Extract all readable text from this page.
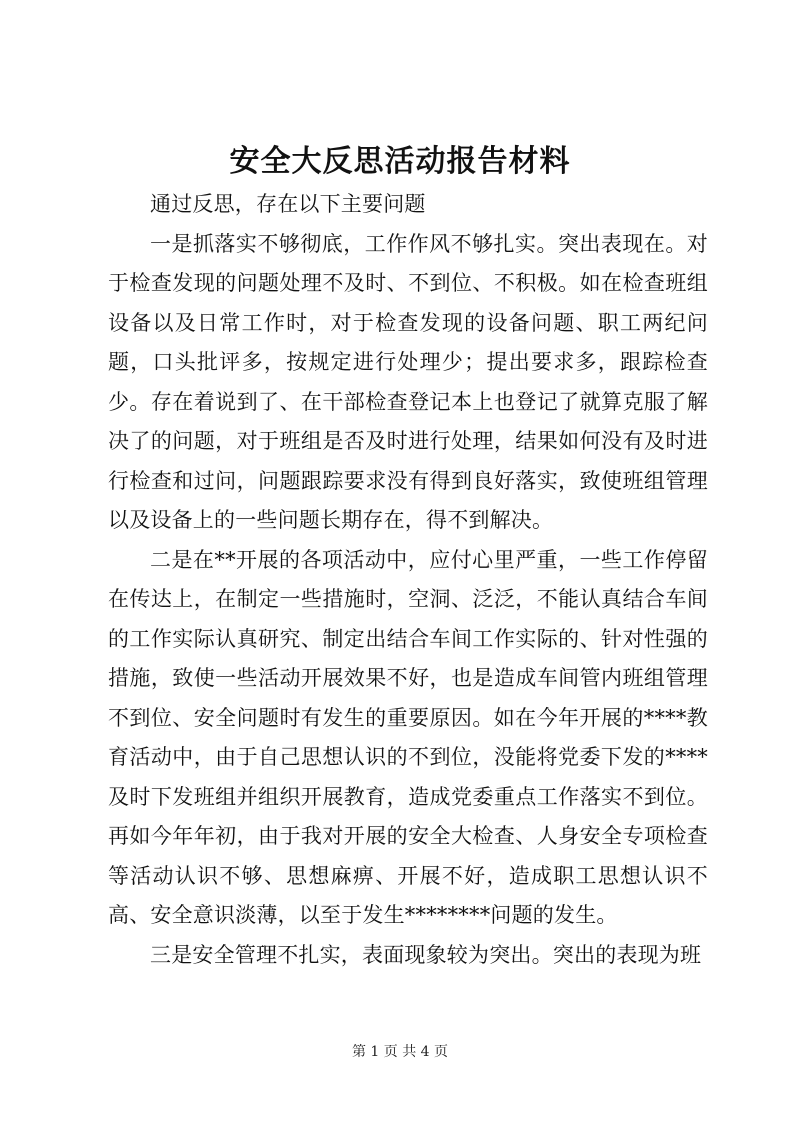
安全大反思活动报告材料

通过反思，存在以下主要问题

一是抓落实不够彻底，工作作风不够扎实。突出表现在。对于检查发现的问题处理不及时、不到位、不积极。如在检查班组设备以及日常工作时，对于检查发现的设备问题、职工两纪问题，口头批评多，按规定进行处理少；提出要求多，跟踪检查少。存在着说到了、在干部检查登记本上也登记了就算克服了解决了的问题，对于班组是否及时进行处理，结果如何没有及时进行检查和过问，问题跟踪要求没有得到良好落实，致使班组管理以及设备上的一些问题长期存在，得不到解决。

二是在**开展的各项活动中，应付心里严重，一些工作停留在传达上，在制定一些措施时，空洞、泛泛，不能认真结合车间的工作实际认真研究、制定出结合车间工作实际的、针对性强的措施，致使一些活动开展效果不好，也是造成车间管内班组管理不到位、安全问题时有发生的重要原因。如在今年开展的****教育活动中，由于自己思想认识的不到位，没能将党委下发的****及时下发班组并组织开展教育，造成党委重点工作落实不到位。再如今年年初，由于我对开展的安全大检查、人身安全专项检查等活动认识不够、思想麻痹、开展不好，造成职工思想认识不高、安全意识淡薄，以至于发生********问题的发生。

三是安全管理不扎实，表面现象较为突出。突出的表现为班

第 1 页 共 4 页
